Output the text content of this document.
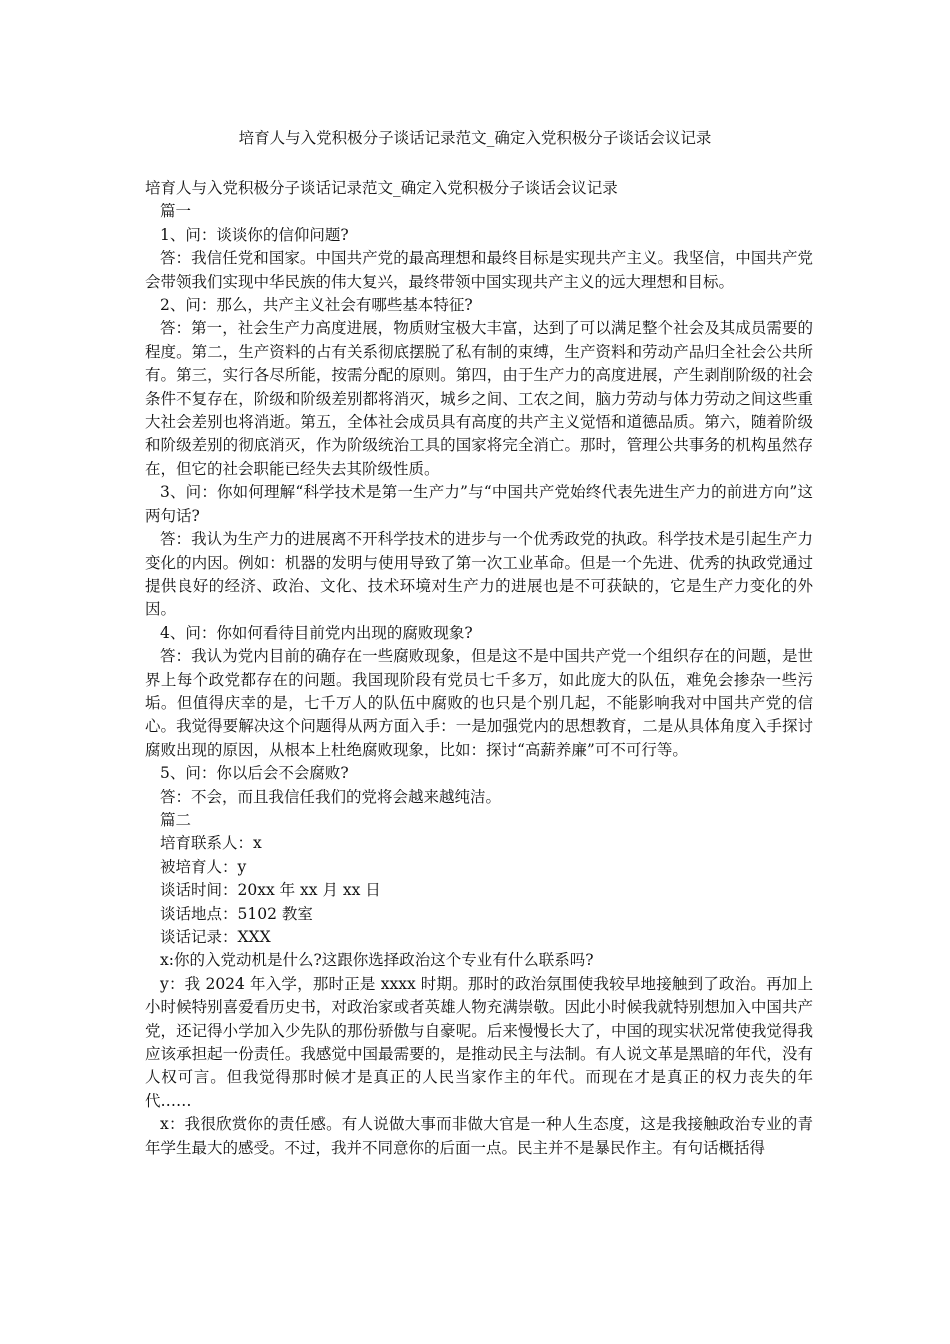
培育人与入党积极分子谈话记录范文_确定入党积极分子谈话会议记录

培育人与入党积极分子谈话记录范文_确定入党积极分子谈话会议记录

篇一

1、问：谈谈你的信仰问题?

答：我信任党和国家。中国共产党的最高理想和最终目标是实现共产主义。我坚信，中国共产党会带领我们实现中华民族的伟大复兴，最终带领中国实现共产主义的远大理想和目标。

2、问：那么，共产主义社会有哪些基本特征?

答：第一，社会生产力高度进展，物质财宝极大丰富，达到了可以满足整个社会及其成员需要的程度。第二，生产资料的占有关系彻底摆脱了私有制的束缚，生产资料和劳动产品归全社会公共所有。第三，实行各尽所能，按需分配的原则。第四，由于生产力的高度进展，产生剥削阶级的社会条件不复存在，阶级和阶级差别都将消灭，城乡之间、工农之间，脑力劳动与体力劳动之间这些重大社会差别也将消逝。第五，全体社会成员具有高度的共产主义觉悟和道德品质。第六，随着阶级和阶级差别的彻底消灭，作为阶级统治工具的国家将完全消亡。那时，管理公共事务的机构虽然存在，但它的社会职能已经失去其阶级性质。

3、问：你如何理解“科学技术是第一生产力”与“中国共产党始终代表先进生产力的前进方向”这两句话?

答：我认为生产力的进展离不开科学技术的进步与一个优秀政党的执政。科学技术是引起生产力变化的内因。例如：机器的发明与使用导致了第一次工业革命。但是一个先进、优秀的执政党通过提供良好的经济、政治、文化、技术环境对生产力的进展也是不可获缺的，它是生产力变化的外因。

4、问：你如何看待目前党内出现的腐败现象?

答：我认为党内目前的确存在一些腐败现象，但是这不是中国共产党一个组织存在的问题，是世界上每个政党都存在的问题。我国现阶段有党员七千多万，如此庞大的队伍，难免会掺杂一些污垢。但值得庆幸的是，七千万人的队伍中腐败的也只是个别几起，不能影响我对中国共产党的信心。我觉得要解决这个问题得从两方面入手：一是加强党内的思想教育，二是从具体角度入手探讨腐败出现的原因，从根本上杜绝腐败现象，比如：探讨“高薪养廉”可不可行等。

5、问：你以后会不会腐败?

答：不会，而且我信任我们的党将会越来越纯洁。

篇二

培育联系人：x

被培育人：y

谈话时间：20xx 年 xx 月 xx 日

谈话地点：5102 教室

谈话记录：XXX

x:你的入党动机是什么?这跟你选择政治这个专业有什么联系吗?

y：我 2024 年入学，那时正是 xxxx 时期。那时的政治氛围使我较早地接触到了政治。再加上小时候特别喜爱看历史书，对政治家或者英雄人物充满崇敬。因此小时候我就特别想加入中国共产党，还记得小学加入少先队的那份骄傲与自豪呢。后来慢慢长大了，中国的现实状况常使我觉得我应该承担起一份责任。我感觉中国最需要的，是推动民主与法制。有人说文革是黑暗的年代，没有人权可言。但我觉得那时候才是真正的人民当家作主的年代。而现在才是真正的权力丧失的年代……

x：我很欣赏你的责任感。有人说做大事而非做大官是一种人生态度，这是我接触政治专业的青年学生最大的感受。不过，我并不同意你的后面一点。民主并不是暴民作主。有句话概括得
